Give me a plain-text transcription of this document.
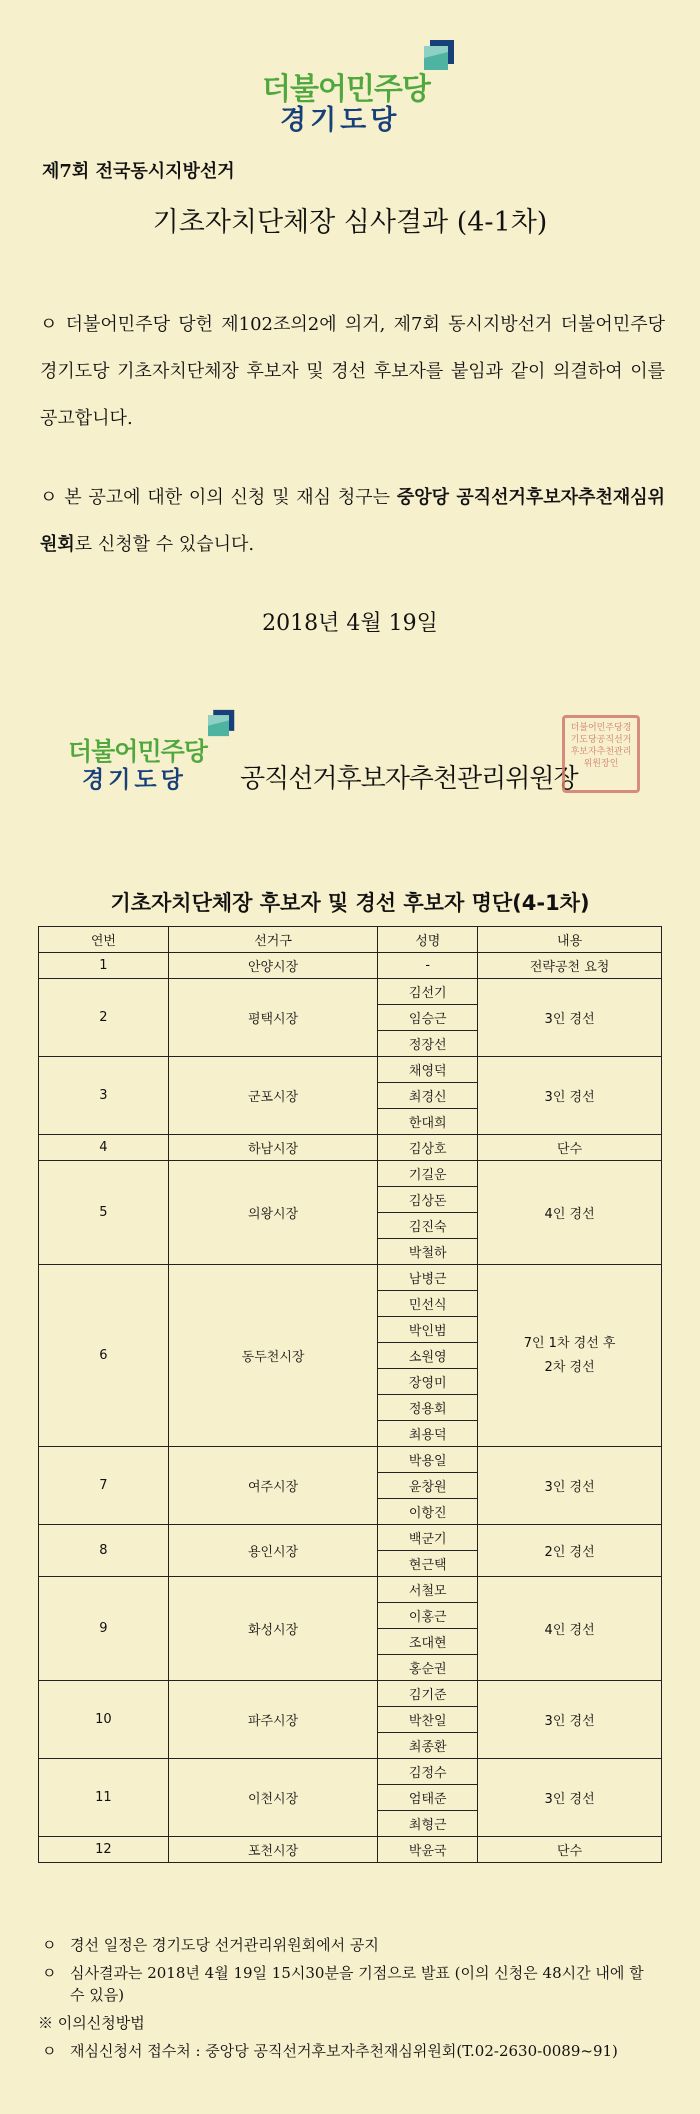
더불어민주당
경기도당
제7회 전국동시지방선거
기초자치단체장 심사결과 (4-1차)
ㅇ 더불어민주당 당헌 제102조의2에 의거, 제7회 동시지방선거 더불어민주당 경기도당 기초자치단체장 후보자 및 경선 후보자를 붙임과 같이 의결하여 이를 공고합니다.
ㅇ 본 공고에 대한 이의 신청 및 재심 청구는 중앙당 공직선거후보자추천재심위원회로 신청할 수 있습니다.
2018년 4월 19일
더불어민주당
경기도당 공직선거후보자추천관리위원장
더불어민주당경기도당공직선거후보자추천관리위원장인
기초자치단체장 후보자 및 경선 후보자 명단(4-1차)
연번	선거구	성명	내용
1	안양시장	-	전략공천 요청
2	평택시장	김선기	3인 경선
		임승근	
		정장선	
3	군포시장	채영덕	3인 경선
		최경신	
		한대희	
4	하남시장	김상호	단수
5	의왕시장	기길운	4인 경선
		김상돈	
		김진숙	
		박철하	
6	동두천시장	남병근	7인 1차 경선 후 2차 경선
		민선식	
		박인범	
		소원영	
		장영미	
		정용회	
		최용덕	
7	여주시장	박용일	3인 경선
		윤창원	
		이항진	
8	용인시장	백군기	2인 경선
		현근택	
9	화성시장	서철모	4인 경선
		이홍근	
		조대현	
		홍순권	
10	파주시장	김기준	3인 경선
		박찬일	
		최종환	
11	이천시장	김정수	3인 경선
		엄태준	
		최형근	
12	포천시장	박윤국	단수
ㅇ 경선 일정은 경기도당 선거관리위원회에서 공지
ㅇ 심사결과는 2018년 4월 19일 15시30분을 기점으로 발표 (이의 신청은 48시간 내에 할 수 있음)
※ 이의신청방법
ㅇ 재심신청서 접수처 : 중앙당 공직선거후보자추천재심위원회(T.02-2630-0089~91)
